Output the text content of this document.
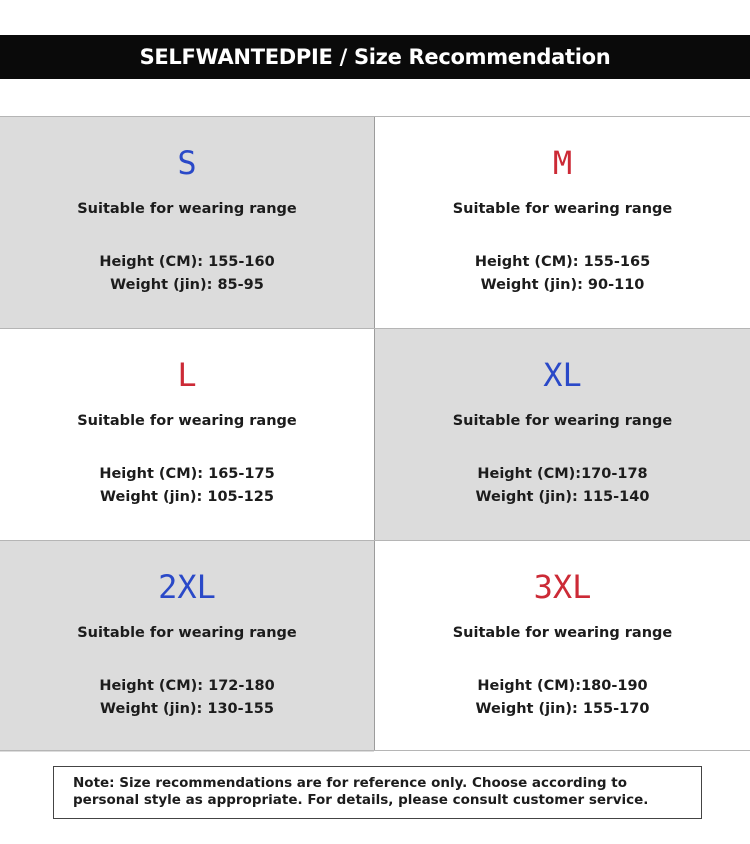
SELFWANTEDPIE / Size Recommendation
S
Suitable for wearing range
Height (CM): 155-160
Weight (jin): 85-95
M
Suitable for wearing range
Height (CM): 155-165
Weight (jin): 90-110
L
Suitable for wearing range
Height (CM): 165-175
Weight (jin): 105-125
XL
Suitable for wearing range
Height (CM):170-178
Weight (jin): 115-140
2XL
Suitable for wearing range
Height (CM): 172-180
Weight (jin): 130-155
3XL
Suitable for wearing range
Height (CM):180-190
Weight (jin): 155-170
Note: Size recommendations are for reference only. Choose according to personal style as appropriate. For details, please consult customer service.
